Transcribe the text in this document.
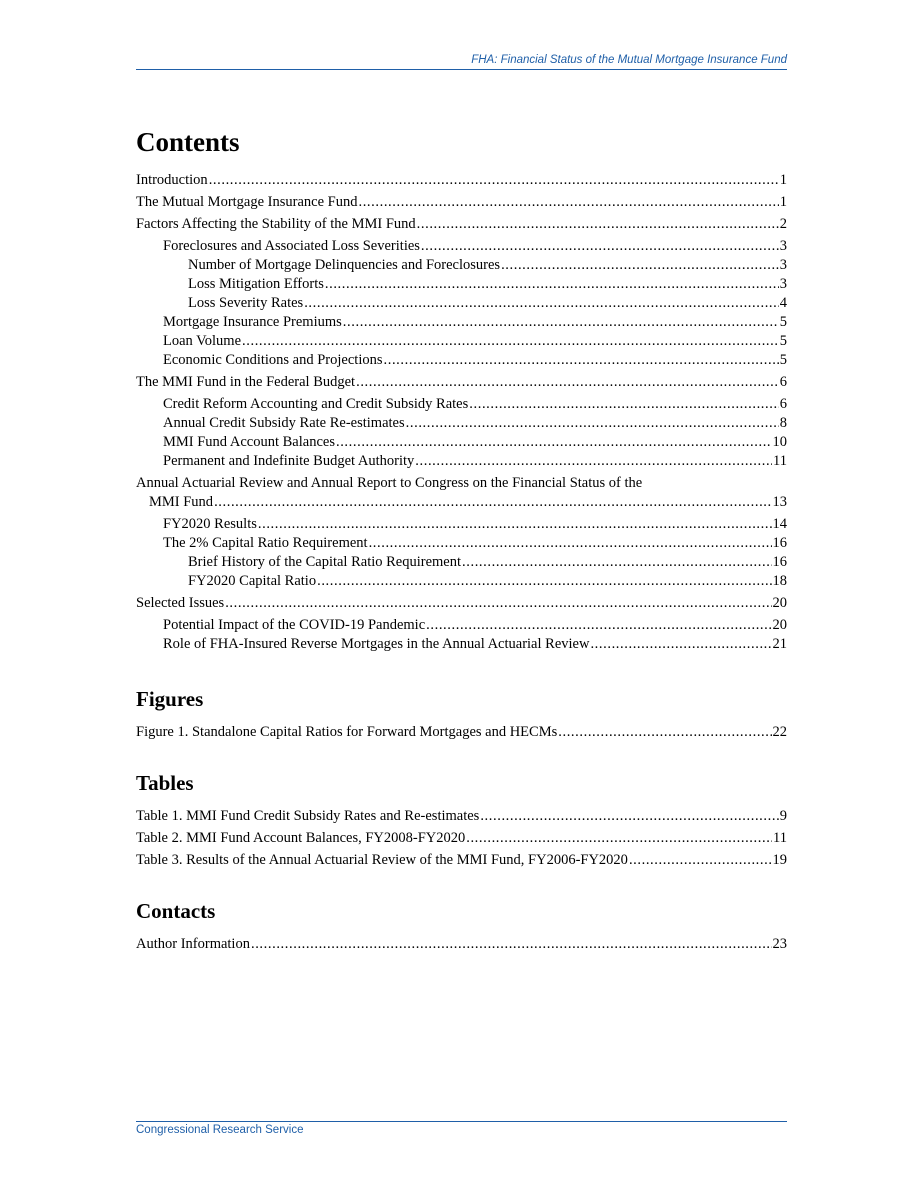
FHA: Financial Status of the Mutual Mortgage Insurance Fund
Contents
Introduction .....	1
The Mutual Mortgage Insurance Fund .....	1
Factors Affecting the Stability of the MMI Fund .....	2
Foreclosures and Associated Loss Severities .....	3
Number of Mortgage Delinquencies and Foreclosures .....	3
Loss Mitigation Efforts .....	3
Loss Severity Rates .....	4
Mortgage Insurance Premiums .....	5
Loan Volume .....	5
Economic Conditions and Projections .....	5
The MMI Fund in the Federal Budget .....	6
Credit Reform Accounting and Credit Subsidy Rates .....	6
Annual Credit Subsidy Rate Re-estimates .....	8
MMI Fund Account Balances .....	10
Permanent and Indefinite Budget Authority .....	11
Annual Actuarial Review and Annual Report to Congress on the Financial Status of the
MMI Fund .....	13
FY2020 Results .....	14
The 2% Capital Ratio Requirement .....	16
Brief History of the Capital Ratio Requirement .....	16
FY2020 Capital Ratio .....	18
Selected Issues .....	20
Potential Impact of the COVID-19 Pandemic .....	20
Role of FHA-Insured Reverse Mortgages in the Annual Actuarial Review .....	21
Figures
Figure 1. Standalone Capital Ratios for Forward Mortgages and HECMs .....	22
Tables
Table 1. MMI Fund Credit Subsidy Rates and Re-estimates .....	9
Table 2. MMI Fund Account Balances, FY2008-FY2020 .....	11
Table 3. Results of the Annual Actuarial Review of the MMI Fund, FY2006-FY2020 .....	19
Contacts
Author Information .....	23
Congressional Research Service
